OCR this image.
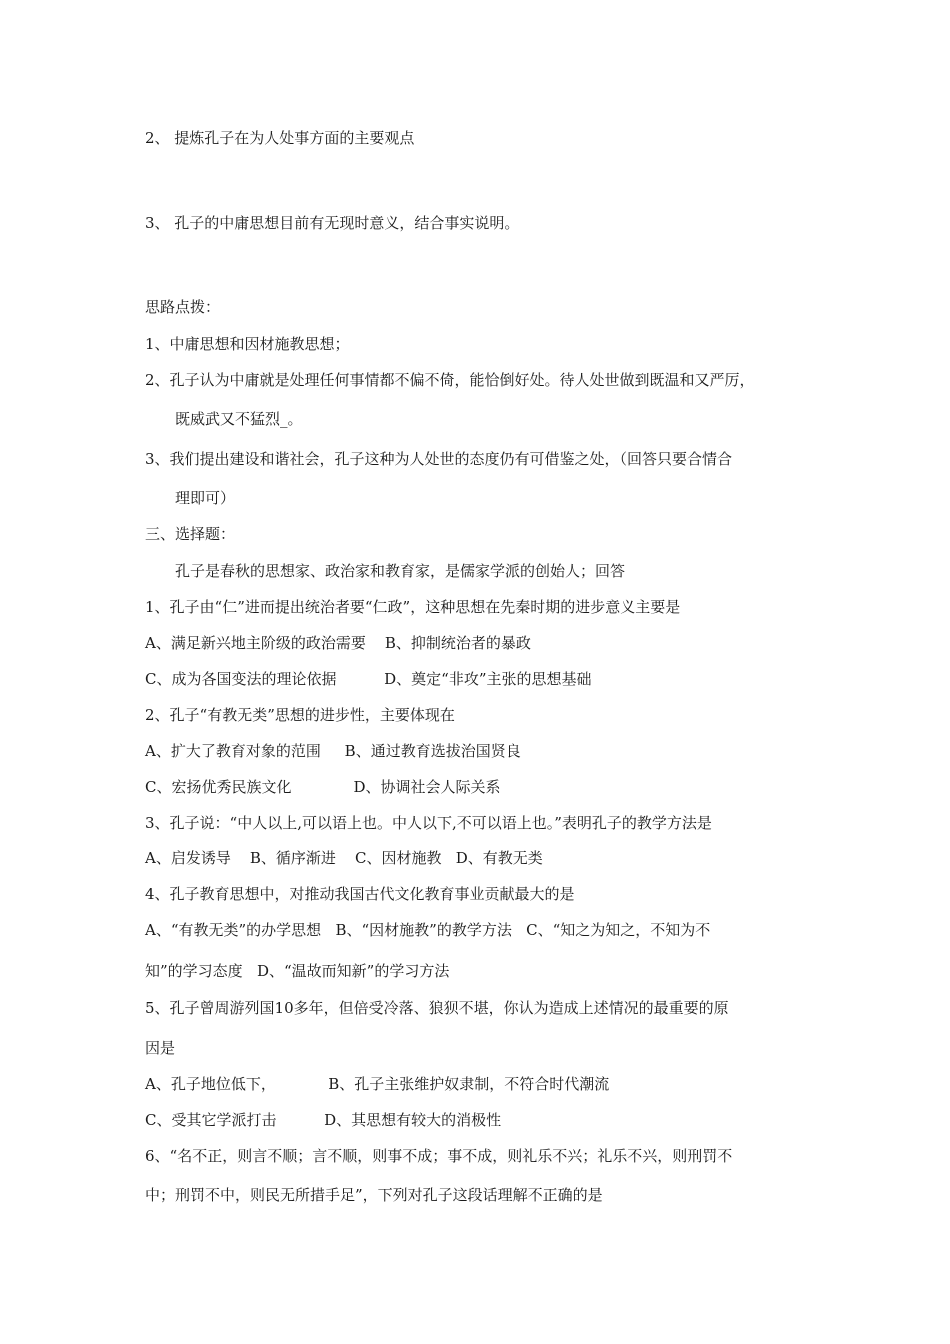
2、 提炼孔子在为人处事方面的主要观点
3、 孔子的中庸思想目前有无现时意义，结合事实说明。
思路点拨：
1、中庸思想和因材施教思想；
2、孔子认为中庸就是处理任何事情都不偏不倚，能恰倒好处。待人处世做到既温和又严厉，
既威武又不猛烈_。
3、我们提出建设和谐社会，孔子这种为人处世的态度仍有可借鉴之处，（回答只要合情合
理即可）
三、选择题：
孔子是春秋的思想家、政治家和教育家，是儒家学派的创始人；回答
1、孔子由“仁”进而提出统治者要“仁政”，这种思想在先秦时期的进步意义主要是
A、满足新兴地主阶级的政治需要    B、抑制统治者的暴政
C、成为各国变法的理论依据          D、奠定“非攻”主张的思想基础
2、孔子“有教无类”思想的进步性，主要体现在
A、扩大了教育对象的范围     B、通过教育选拔治国贤良
C、宏扬优秀民族文化             D、协调社会人际关系
3、孔子说：“中人以上,可以语上也。中人以下,不可以语上也。”表明孔子的教学方法是
A、启发诱导    B、循序渐进    C、因材施教   D、有教无类
4、孔子教育思想中，对推动我国古代文化教育事业贡献最大的是
A、“有教无类”的办学思想   B、“因材施教”的教学方法   C、“知之为知之，不知为不
知”的学习态度   D、“温故而知新”的学习方法
5、孔子曾周游列国10多年，但倍受冷落、狼狈不堪，你认为造成上述情况的最重要的原
因是
A、孔子地位低下，           B、孔子主张维护奴隶制，不符合时代潮流
C、受其它学派打击          D、其思想有较大的消极性
6、“名不正，则言不顺；言不顺，则事不成；事不成，则礼乐不兴；礼乐不兴，则刑罚不
中；刑罚不中，则民无所措手足”，下列对孔子这段话理解不正确的是
